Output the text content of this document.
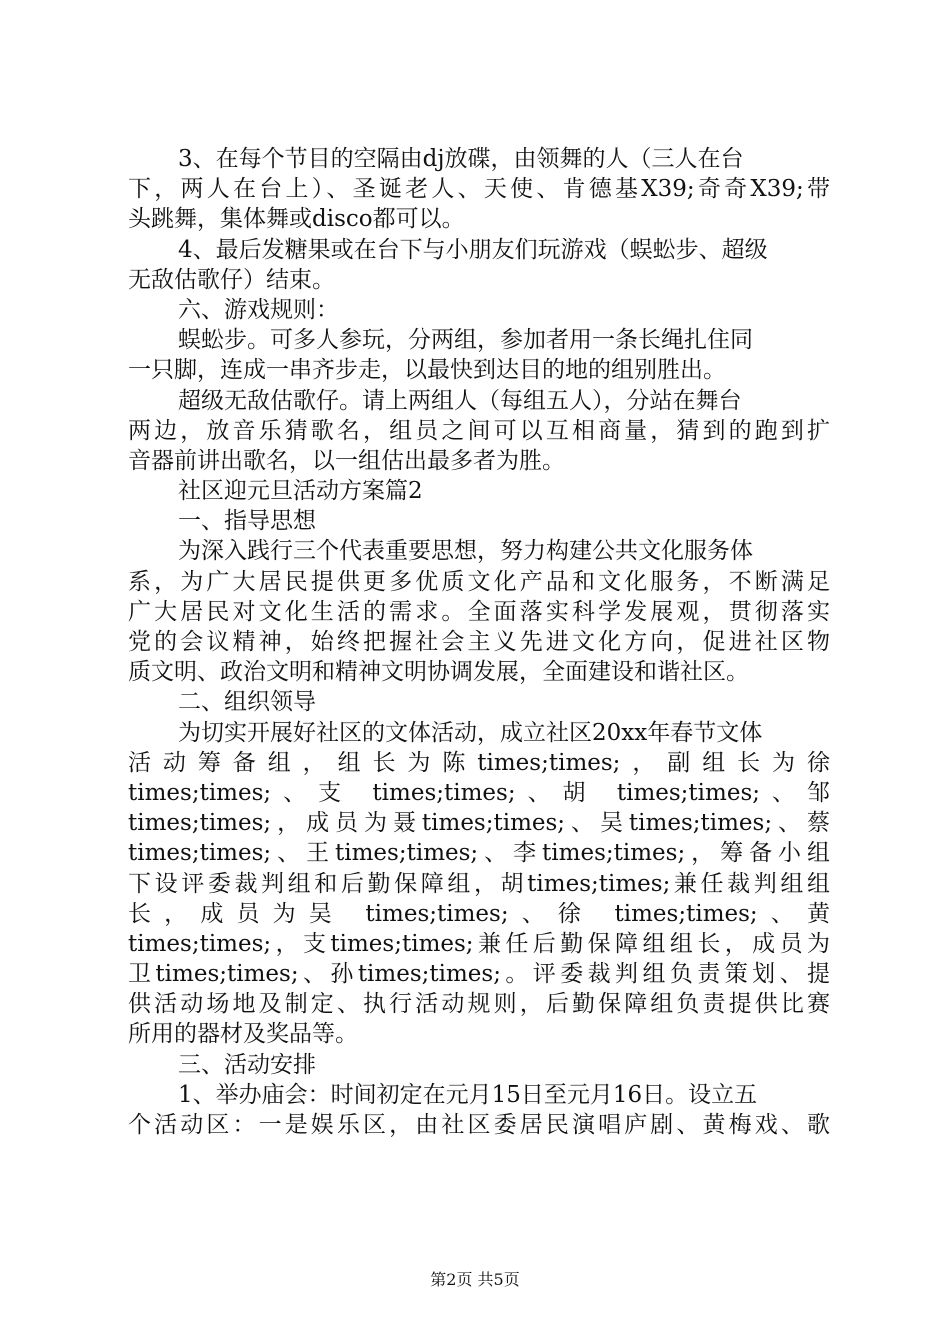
3、在每个节目的空隔由dj放碟，由领舞的人（三人在台
下，两人在台上）、圣诞老人、天使、肯德基X39;奇奇X39;带
头跳舞，集体舞或disco都可以。
4、最后发糖果或在台下与小朋友们玩游戏（蜈蚣步、超级
无敌估歌仔）结束。
六、游戏规则：
蜈蚣步。可多人参玩，分两组，参加者用一条长绳扎住同
一只脚，连成一串齐步走，以最快到达目的地的组别胜出。
超级无敌估歌仔。请上两组人（每组五人），分站在舞台
两边，放音乐猜歌名，组员之间可以互相商量，猜到的跑到扩
音器前讲出歌名，以一组估出最多者为胜。
社区迎元旦活动方案篇2
一、指导思想
为深入践行三个代表重要思想，努力构建公共文化服务体
系，为广大居民提供更多优质文化产品和文化服务，不断满足
广大居民对文化生活的需求。全面落实科学发展观，贯彻落实
党的会议精神，始终把握社会主义先进文化方向，促进社区物
质文明、政治文明和精神文明协调发展，全面建设和谐社区。
二、组织领导
为切实开展好社区的文体活动，成立社区20xx年春节文体
活动筹备组，组长为陈times;times;，副组长为徐
times;times;、支 times;times;、胡 times;times;、邹
times;times;，成员为聂times;times;、吴times;times;、蔡
times;times;、王times;times;、李times;times;，筹备小组
下设评委裁判组和后勤保障组，胡times;times;兼任裁判组组
长，成员为吴 times;times;、徐 times;times;、黄
times;times;，支times;times;兼任后勤保障组组长，成员为
卫times;times;、孙times;times;。评委裁判组负责策划、提
供活动场地及制定、执行活动规则，后勤保障组负责提供比赛
所用的器材及奖品等。
三、活动安排
1、举办庙会：时间初定在元月15日至元月16日。设立五
个活动区：一是娱乐区，由社区委居民演唱庐剧、黄梅戏、歌
第2页 共5页
